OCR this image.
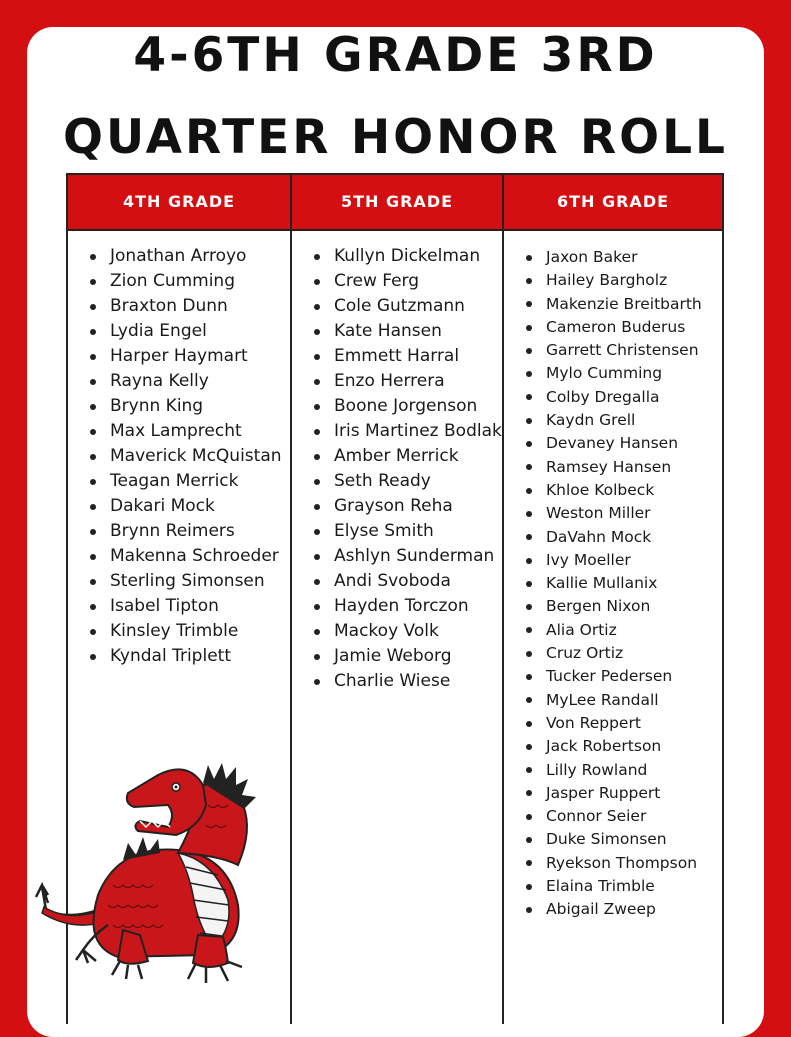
4-6TH GRADE 3RD
QUARTER HONOR ROLL
4TH GRADE	5TH GRADE	6TH GRADE
Jonathan Arroyo
Zion Cumming
Braxton Dunn
Lydia Engel
Harper Haymart
Rayna Kelly
Brynn King
Max Lamprecht
Maverick McQuistan
Teagan Merrick
Dakari Mock
Brynn Reimers
Makenna Schroeder
Sterling Simonsen
Isabel Tipton
Kinsley Trimble
Kyndal Triplett
Kullyn Dickelman
Crew Ferg
Cole Gutzmann
Kate Hansen
Emmett Harral
Enzo Herrera
Boone Jorgenson
Iris Martinez Bodlak
Amber Merrick
Seth Ready
Grayson Reha
Elyse Smith
Ashlyn Sunderman
Andi Svoboda
Hayden Torczon
Mackoy Volk
Jamie Weborg
Charlie Wiese
Jaxon Baker
Hailey Bargholz
Makenzie Breitbarth
Cameron Buderus
Garrett Christensen
Mylo Cumming
Colby Dregalla
Kaydn Grell
Devaney Hansen
Ramsey Hansen
Khloe Kolbeck
Weston Miller
DaVahn Mock
Ivy Moeller
Kallie Mullanix
Bergen Nixon
Alia Ortiz
Cruz Ortiz
Tucker Pedersen
MyLee Randall
Von Reppert
Jack Robertson
Lilly Rowland
Jasper Ruppert
Connor Seier
Duke Simonsen
Ryekson Thompson
Elaina Trimble
Abigail Zweep
